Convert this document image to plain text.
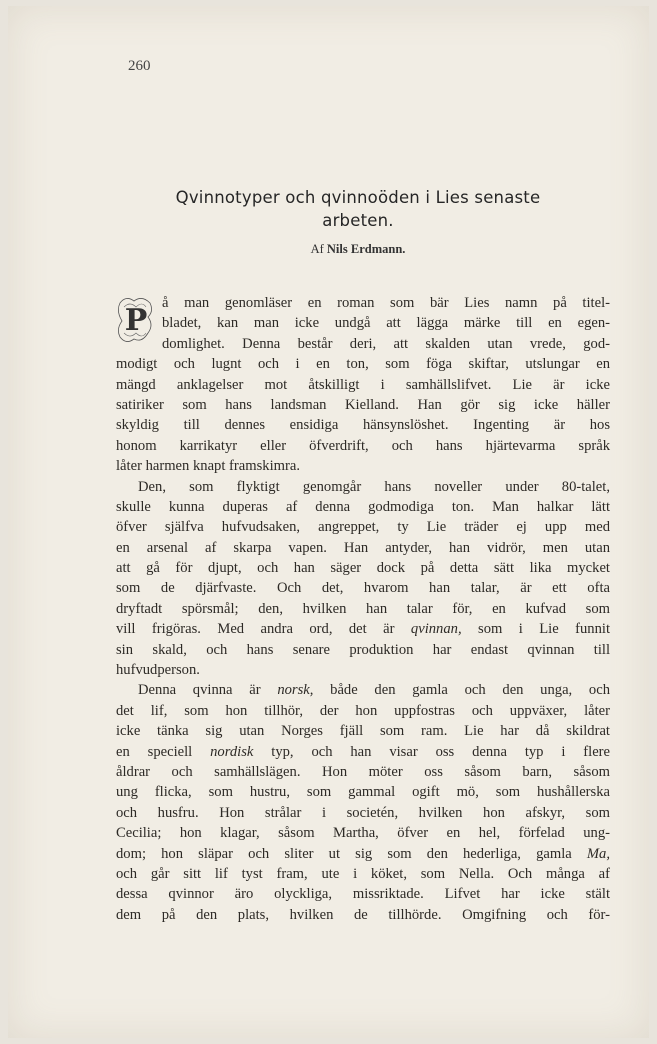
260
Qvinnotyper och qvinnoöden i Lies senaste
arbeten.
Af Nils Erdmann.
P	å man genomläser en roman som bär Lies namn på titel-
bladet, kan man icke undgå att lägga märke till en egen-
domlighet. Denna består deri, att skalden utan vrede, god-
modigt och lugnt och i en ton, som föga skiftar, utslungar en
mängd anklagelser mot åtskilligt i samhällslifvet. Lie är icke
satiriker som hans landsman Kielland. Han gör sig icke häller
skyldig till dennes ensidiga hänsynslöshet. Ingenting är hos
honom karrikatyr eller öfverdrift, och hans hjärtevarma språk
låter harmen knapt framskimra.
Den, som flyktigt genomgår hans noveller under 80-talet,
skulle kunna duperas af denna godmodiga ton. Man halkar lätt
öfver själfva hufvudsaken, angreppet, ty Lie träder ej upp med
en arsenal af skarpa vapen. Han antyder, han vidrör, men utan
att gå för djupt, och han säger dock på detta sätt lika mycket
som de djärfvaste. Och det, hvarom han talar, är ett ofta
dryftadt spörsmål; den, hvilken han talar för, en kufvad som
vill frigöras. Med andra ord, det är qvinnan, som i Lie funnit
sin skald, och hans senare produktion har endast qvinnan till
hufvudperson.
Denna qvinna är norsk, både den gamla och den unga, och
det lif, som hon tillhör, der hon uppfostras och uppväxer, låter
icke tänka sig utan Norges fjäll som ram. Lie har då skildrat
en speciell nordisk typ, och han visar oss denna typ i flere
åldrar och samhällslägen. Hon möter oss såsom barn, såsom
ung flicka, som hustru, som gammal ogift mö, som hushållerska
och husfru. Hon strålar i societén, hvilken hon afskyr, som
Cecilia; hon klagar, såsom Martha, öfver en hel, förfelad ung-
dom; hon släpar och sliter ut sig som den hederliga, gamla Ma,
och går sitt lif tyst fram, ute i köket, som Nella. Och många af
dessa qvinnor äro olyckliga, missriktade. Lifvet har icke stält
dem på den plats, hvilken de tillhörde. Omgifning och för-
